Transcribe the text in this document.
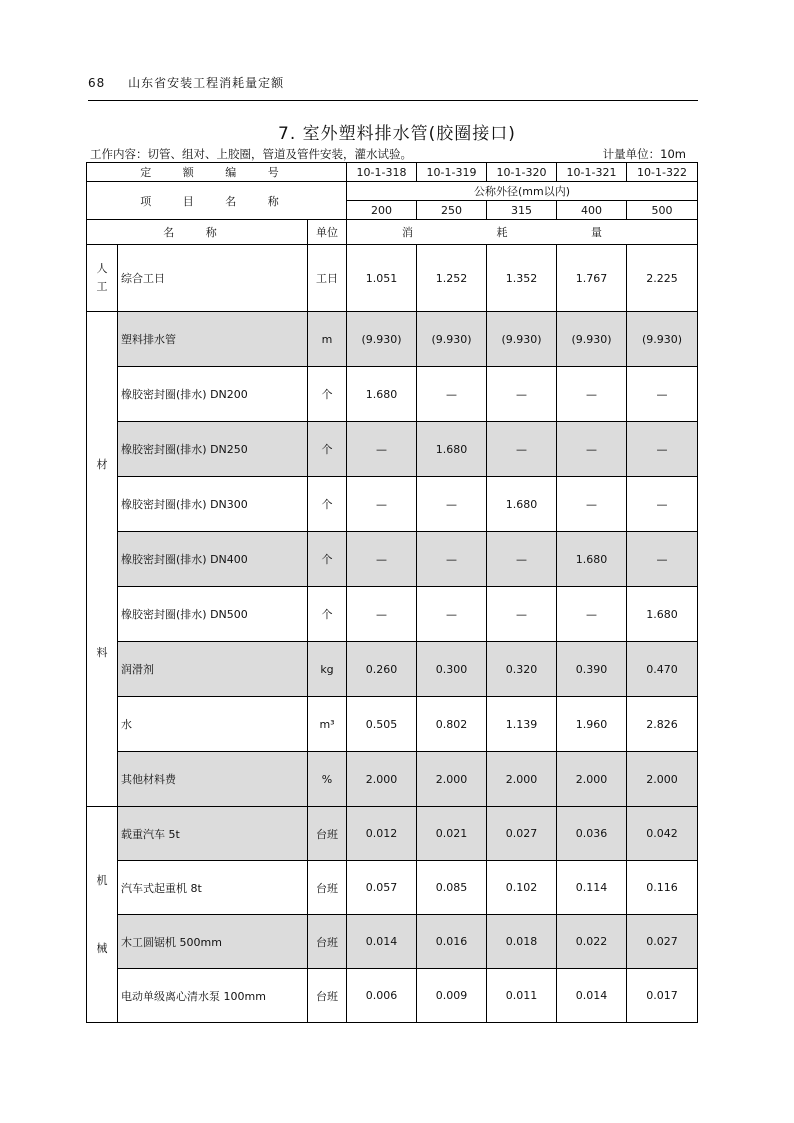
68 山东省安装工程消耗量定额
7. 室外塑料排水管(胶圈接口)
工作内容：切管、组对、上胶圈，管道及管件安装，灌水试验。	计量单位：10m
定 额 编 号			10-1-318	10-1-319	10-1-320	10-1-321	10-1-322
项 目 名 称			公称外径(mm以内)				
			200	250	315	400	500
名 称		单位	消 耗 量				

人
工	综合工日	工日	1.051	1.252	1.352	1.767	2.225

材
料	塑料排水管	m	(9.930)	(9.930)	(9.930)	(9.930)	(9.930)
	橡胶密封圈(排水) DN200	个	1.680	—	—	—	—
	橡胶密封圈(排水) DN250	个	—	1.680	—	—	—
	橡胶密封圈(排水) DN300	个	—	—	1.680	—	—
	橡胶密封圈(排水) DN400	个	—	—	—	1.680	—
	橡胶密封圈(排水) DN500	个	—	—	—	—	1.680
	润滑剂	kg	0.260	0.300	0.320	0.390	0.470
	水	m³	0.505	0.802	1.139	1.960	2.826
	其他材料费	%	2.000	2.000	2.000	2.000	2.000

机
械	载重汽车 5t	台班	0.012	0.021	0.027	0.036	0.042
	汽车式起重机 8t	台班	0.057	0.085	0.102	0.114	0.116
	木工圆锯机 500mm	台班	0.014	0.016	0.018	0.022	0.027
	电动单级离心清水泵 100mm	台班	0.006	0.009	0.011	0.014	0.017
